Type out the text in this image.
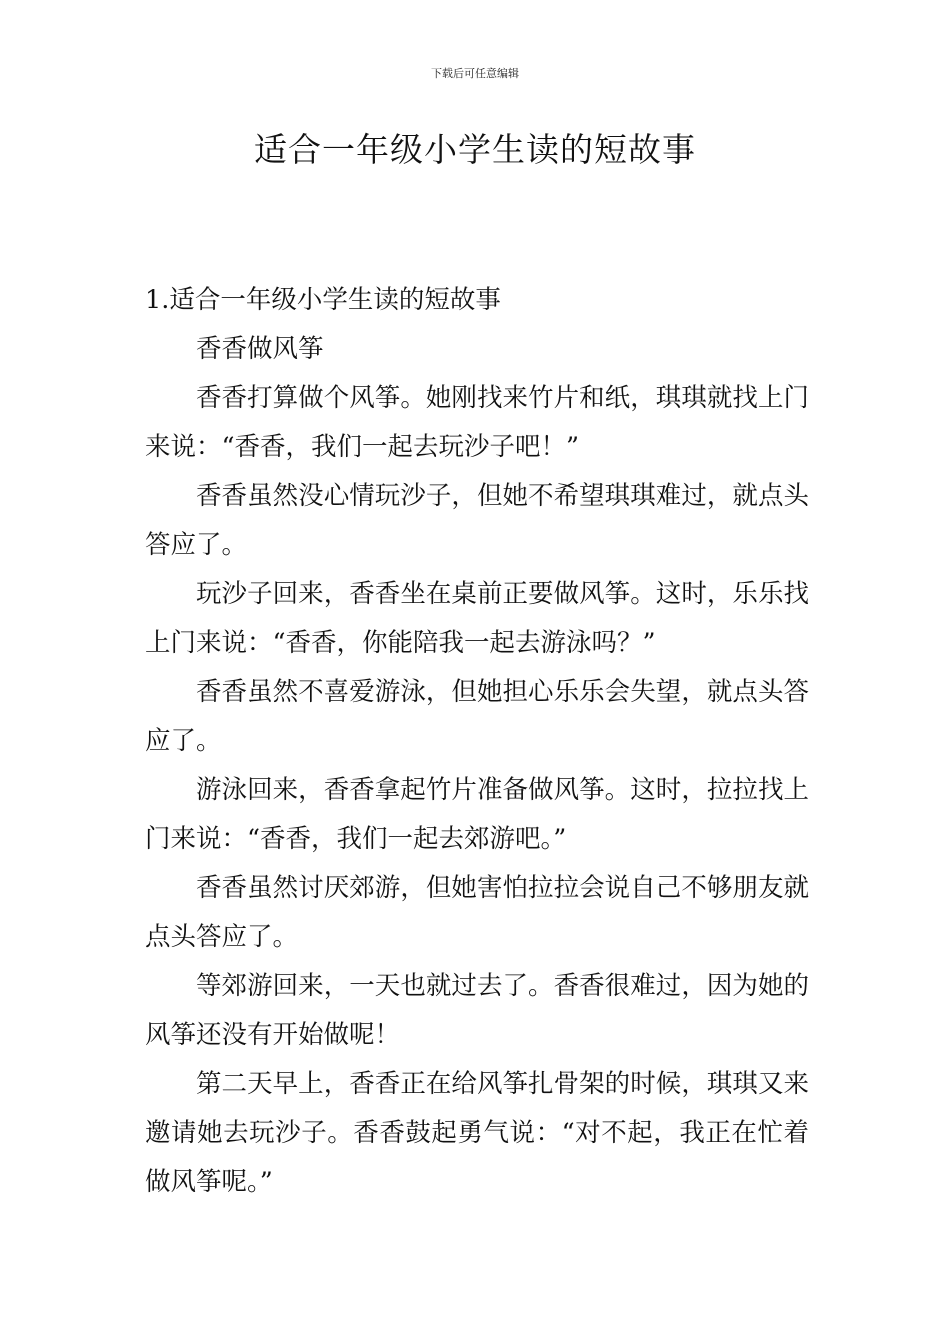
下载后可任意编辑
适合一年级小学生读的短故事

1.适合一年级小学生读的短故事

香香做风筝

香香打算做个风筝。她刚找来竹片和纸，琪琪就找上门来说：“香香，我们一起去玩沙子吧！”

香香虽然没心情玩沙子，但她不希望琪琪难过，就点头答应了。

玩沙子回来，香香坐在桌前正要做风筝。这时，乐乐找上门来说：“香香，你能陪我一起去游泳吗？”

香香虽然不喜爱游泳，但她担心乐乐会失望，就点头答应了。

游泳回来，香香拿起竹片准备做风筝。这时，拉拉找上门来说：“香香，我们一起去郊游吧。”

香香虽然讨厌郊游，但她害怕拉拉会说自己不够朋友就点头答应了。

等郊游回来，一天也就过去了。香香很难过，因为她的风筝还没有开始做呢！

第二天早上，香香正在给风筝扎骨架的时候，琪琪又来邀请她去玩沙子。香香鼓起勇气说：“对不起，我正在忙着做风筝呢。”
